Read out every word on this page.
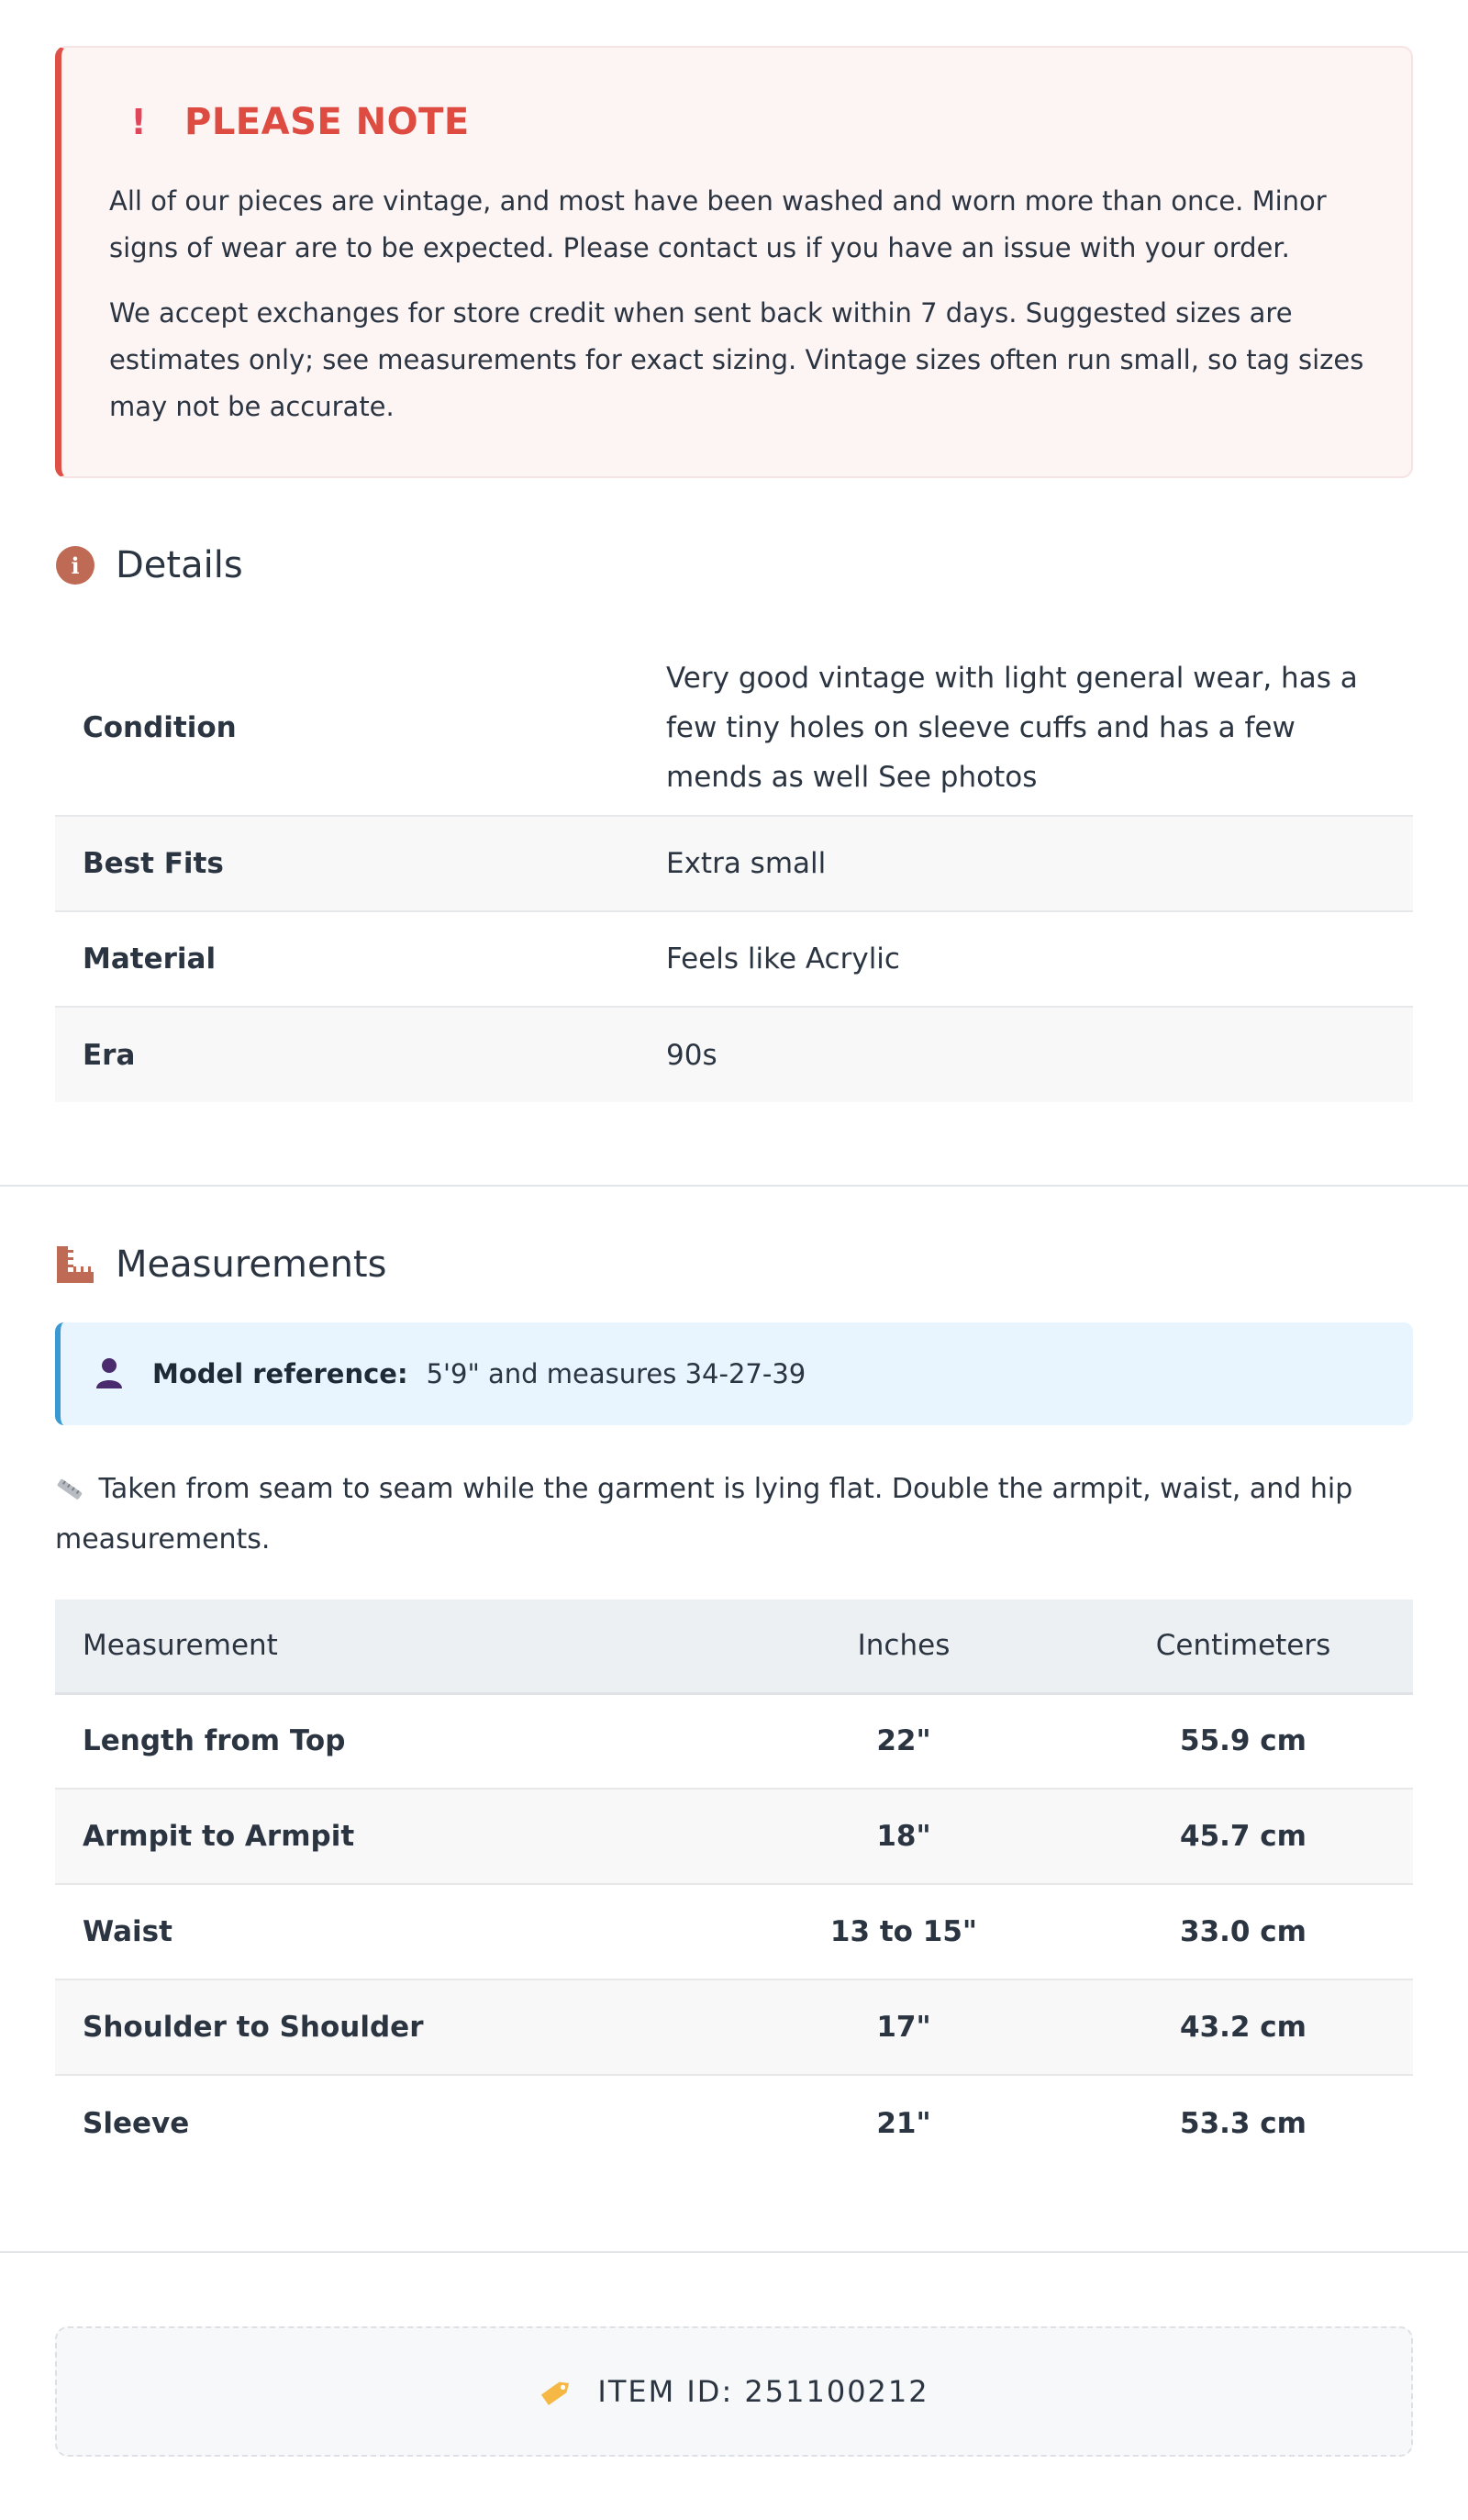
!	PLEASE NOTE

All of our pieces are vintage, and most have been washed and worn more than once. Minor signs of wear are to be expected. Please contact us if you have an issue with your order.

We accept exchanges for store credit when sent back within 7 days. Suggested sizes are estimates only; see measurements for exact sizing. Vintage sizes often run small, so tag sizes may not be accurate.

i Details
Condition	Very good vintage with light general wear, has a few tiny holes on sleeve cuffs and has a few mends as well See photos
Best Fits	Extra small
Material	Feels like Acrylic
Era	90s
Measurements
Model reference: 5'9" and measures 34-27-39

Taken from seam to seam while the garment is lying flat. Double the armpit, waist, and hip measurements.

Measurement	Inches	Centimeters
Length from Top	22"	55.9 cm
Armpit to Armpit	18"	45.7 cm
Waist	13 to 15"	33.0 cm
Shoulder to Shoulder	17"	43.2 cm
Sleeve	21"	53.3 cm
ITEM ID: 251100212
